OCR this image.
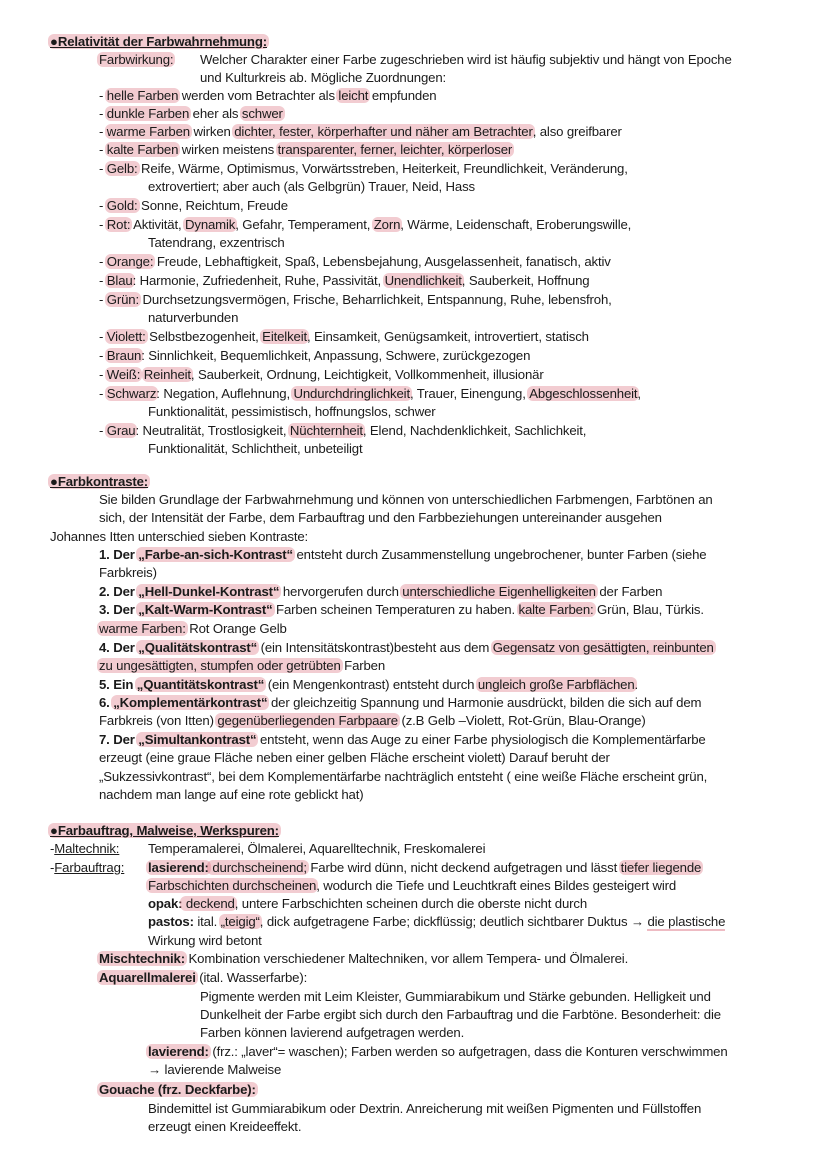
●Relativität der Farbwahrnehmung:
Farbwirkung: Welcher Charakter einer Farbe zugeschrieben wird ist häufig subjektiv und hängt von Epoche
und Kulturkreis ab. Mögliche Zuordnungen:
- helle Farben werden vom Betrachter als leicht empfunden
- dunkle Farben eher als schwer
- warme Farben wirken dichter, fester, körperhafter und näher am Betrachter, also greifbarer
- kalte Farben wirken meistens transparenter, ferner, leichter, körperloser
- Gelb: Reife, Wärme, Optimismus, Vorwärtsstreben, Heiterkeit, Freundlichkeit, Veränderung,
extrovertiert; aber auch (als Gelbgrün) Trauer, Neid, Hass
- Gold: Sonne, Reichtum, Freude
- Rot: Aktivität, Dynamik, Gefahr, Temperament, Zorn, Wärme, Leidenschaft, Eroberungswille,
Tatendrang, exzentrisch
- Orange: Freude, Lebhaftigkeit, Spaß, Lebensbejahung, Ausgelassenheit, fanatisch, aktiv
- Blau: Harmonie, Zufriedenheit, Ruhe, Passivität, Unendlichkeit, Sauberkeit, Hoffnung
- Grün: Durchsetzungsvermögen, Frische, Beharrlichkeit, Entspannung, Ruhe, lebensfroh,
naturverbunden
- Violett: Selbstbezogenheit, Eitelkeit, Einsamkeit, Genügsamkeit, introvertiert, statisch
- Braun: Sinnlichkeit, Bequemlichkeit, Anpassung, Schwere, zurückgezogen
- Weiß: Reinheit, Sauberkeit, Ordnung, Leichtigkeit, Vollkommenheit, illusionär
- Schwarz: Negation, Auflehnung, Undurchdringlichkeit, Trauer, Einengung, Abgeschlossenheit,
Funktionalität, pessimistisch, hoffnungslos, schwer
- Grau: Neutralität, Trostlosigkeit, Nüchternheit, Elend, Nachdenklichkeit, Sachlichkeit,
Funktionalität, Schlichtheit, unbeteiligt
●Farbkontraste:
Sie bilden Grundlage der Farbwahrnehmung und können von unterschiedlichen Farbmengen, Farbtönen an
sich, der Intensität der Farbe, dem Farbauftrag und den Farbbeziehungen untereinander ausgehen
Johannes Itten unterschied sieben Kontraste:
1. Der „Farbe-an-sich-Kontrast“ entsteht durch Zusammenstellung ungebrochener, bunter Farben (siehe
Farbkreis)
2. Der „Hell-Dunkel-Kontrast“ hervorgerufen durch unterschiedliche Eigenhelligkeiten der Farben
3. Der „Kalt-Warm-Kontrast“ Farben scheinen Temperaturen zu haben. kalte Farben: Grün, Blau, Türkis.
warme Farben: Rot Orange Gelb
4. Der „Qualitätskontrast“ (ein Intensitätskontrast)besteht aus dem Gegensatz von gesättigten, reinbunten
zu ungesättigten, stumpfen oder getrübten Farben
5. Ein „Quantitätskontrast“ (ein Mengenkontrast) entsteht durch ungleich große Farbflächen.
6. „Komplementärkontrast“ der gleichzeitig Spannung und Harmonie ausdrückt, bilden die sich auf dem
Farbkreis (von Itten) gegenüberliegenden Farbpaare (z.B Gelb –Violett, Rot-Grün, Blau-Orange)
7. Der „Simultankontrast“ entsteht, wenn das Auge zu einer Farbe physiologisch die Komplementärfarbe
erzeugt (eine graue Fläche neben einer gelben Fläche erscheint violett) Darauf beruht der
„Sukzessivkontrast“, bei dem Komplementärfarbe nachträglich entsteht ( eine weiße Fläche erscheint grün,
nachdem man lange auf eine rote geblickt hat)
●Farbauftrag, Malweise, Werkspuren:
-Maltechnik: Temperamalerei, Ölmalerei, Aquarelltechnik, Freskomalerei
-Farbauftrag: lasierend: durchscheinend; Farbe wird dünn, nicht deckend aufgetragen und lässt tiefer liegende
Farbschichten durchscheinen, wodurch die Tiefe und Leuchtkraft eines Bildes gesteigert wird
opak: deckend, untere Farbschichten scheinen durch die oberste nicht durch
pastos: ital. „teigig“, dick aufgetragene Farbe; dickflüssig; deutlich sichtbarer Duktus → die plastische
Wirkung wird betont
Mischtechnik: Kombination verschiedener Maltechniken, vor allem Tempera- und Ölmalerei.
Aquarellmalerei (ital. Wasserfarbe):
Pigmente werden mit Leim Kleister, Gummiarabikum und Stärke gebunden. Helligkeit und
Dunkelheit der Farbe ergibt sich durch den Farbauftrag und die Farbtöne. Besonderheit: die
Farben können lavierend aufgetragen werden.
lavierend: (frz.: „laver“= waschen); Farben werden so aufgetragen, dass die Konturen verschwimmen
→ lavierende Malweise
Gouache (frz. Deckfarbe):
Bindemittel ist Gummiarabikum oder Dextrin. Anreicherung mit weißen Pigmenten und Füllstoffen
erzeugt einen Kreideeffekt.
